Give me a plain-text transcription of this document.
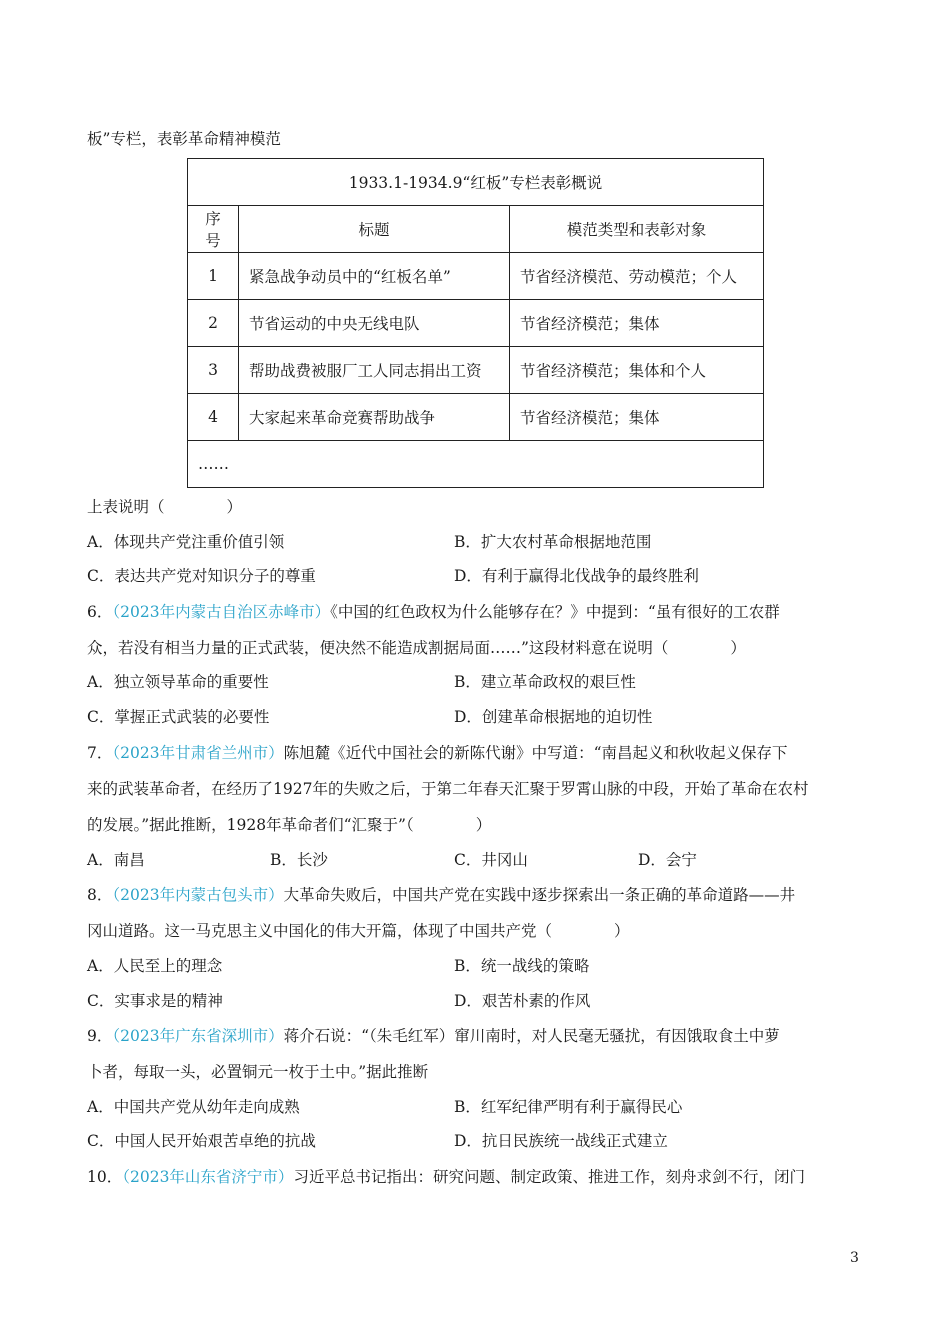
板”专栏，表彰革命精神模范
1933.1-1934.9“红板”专栏表彰概说		
序号	标题	模范类型和表彰对象
1	紧急战争动员中的“红板名单”	节省经济模范、劳动模范；个人
2	节省运动的中央无线电队	节省经济模范；集体
3	帮助战费被服厂工人同志捐出工资	节省经济模范；集体和个人
4	大家起来革命竞赛帮助战争	节省经济模范；集体
……		
上表说明（　　　　）
A．体现共产党注重价值引领	B．扩大农村革命根据地范围
C．表达共产党对知识分子的尊重	D．有利于赢得北伐战争的最终胜利
6．（2023年内蒙古自治区赤峰市）《中国的红色政权为什么能够存在？》中提到：“虽有很好的工农群
众，若没有相当力量的正式武装，便决然不能造成割据局面……”这段材料意在说明（　　　　）
A．独立领导革命的重要性	B．建立革命政权的艰巨性
C．掌握正式武装的必要性	D．创建革命根据地的迫切性
7．（2023年甘肃省兰州市）陈旭麓《近代中国社会的新陈代谢》中写道：“南昌起义和秋收起义保存下
来的武装革命者，在经历了1927年的失败之后，于第二年春天汇聚于罗霄山脉的中段，开始了革命在农村
的发展。”据此推断，1928年革命者们“汇聚于”（　　　　）
A．南昌	B．长沙	C．井冈山	D．会宁
8．（2023年内蒙古包头市）大革命失败后，中国共产党在实践中逐步探索出一条正确的革命道路——井
冈山道路。这一马克思主义中国化的伟大开篇，体现了中国共产党（　　　　）
A．人民至上的理念	B．统一战线的策略
C．实事求是的精神	D．艰苦朴素的作风
9．（2023年广东省深圳市）蒋介石说：“（朱毛红军）窜川南时，对人民毫无骚扰，有因饿取食土中萝
卜者，每取一头，必置铜元一枚于土中。”据此推断
A．中国共产党从幼年走向成熟	B．红军纪律严明有利于赢得民心
C．中国人民开始艰苦卓绝的抗战	D．抗日民族统一战线正式建立
10．（2023年山东省济宁市）习近平总书记指出：研究问题、制定政策、推进工作，刻舟求剑不行，闭门
3
